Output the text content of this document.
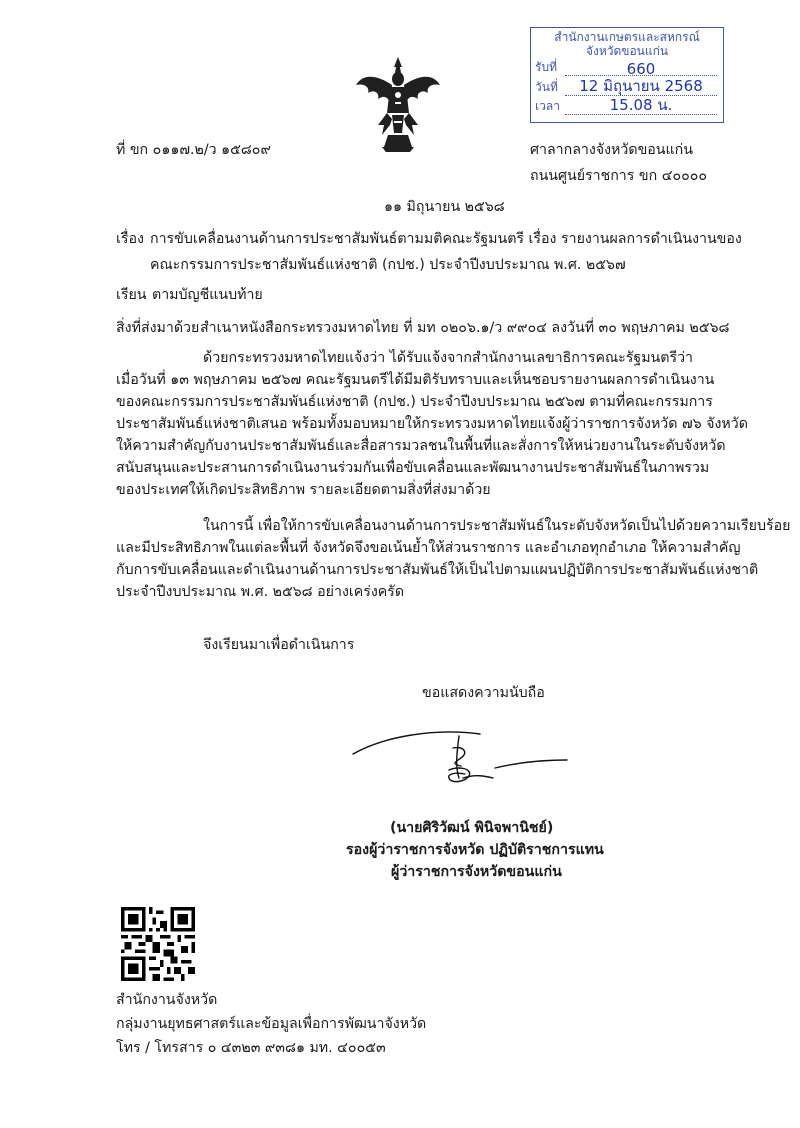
สำนักงานเกษตรและสหกรณ์
จังหวัดขอนแก่น
รับที่	660
วันที่	12 มิถุนายน 2568
เวลา	15.08 น.
ที่ ขก ๐๑๑๗.๒/ว ๑๕๘๐๙	ศาลากลางจังหวัดขอนแก่น
ถนนศูนย์ราชการ ขก ๔๐๐๐๐
๑๑ มิถุนายน ๒๕๖๘
เรื่อง การขับเคลื่อนงานด้านการประชาสัมพันธ์ตามมติคณะรัฐมนตรี เรื่อง รายงานผลการดำเนินงานของ
คณะกรรมการประชาสัมพันธ์แห่งชาติ (กปช.) ประจำปีงบประมาณ พ.ศ. ๒๕๖๗
เรียน ตามบัญชีแนบท้าย
สิ่งที่ส่งมาด้วย สำเนาหนังสือกระทรวงมหาดไทย ที่ มท ๐๒๐๖.๑/ว ๙๙๐๔ ลงวันที่ ๓๐ พฤษภาคม ๒๕๖๘

ด้วยกระทรวงมหาดไทยแจ้งว่า ได้รับแจ้งจากสำนักงานเลขาธิการคณะรัฐมนตรีว่า

เมื่อวันที่ ๑๓ พฤษภาคม ๒๕๖๗ คณะรัฐมนตรีได้มีมติรับทราบและเห็นชอบรายงานผลการดำเนินงาน

ของคณะกรรมการประชาสัมพันธ์แห่งชาติ (กปช.) ประจำปีงบประมาณ ๒๕๖๗ ตามที่คณะกรรมการ

ประชาสัมพันธ์แห่งชาติเสนอ พร้อมทั้งมอบหมายให้กระทรวงมหาดไทยแจ้งผู้ว่าราชการจังหวัด ๗๖ จังหวัด

ให้ความสำคัญกับงานประชาสัมพันธ์และสื่อสารมวลชนในพื้นที่และสั่งการให้หน่วยงานในระดับจังหวัด

สนับสนุนและประสานการดำเนินงานร่วมกันเพื่อขับเคลื่อนและพัฒนางานประชาสัมพันธ์ในภาพรวม

ของประเทศให้เกิดประสิทธิภาพ รายละเอียดตามสิ่งที่ส่งมาด้วย

ในการนี้ เพื่อให้การขับเคลื่อนงานด้านการประชาสัมพันธ์ในระดับจังหวัดเป็นไปด้วยความเรียบร้อย

และมีประสิทธิภาพในแต่ละพื้นที่ จังหวัดจึงขอเน้นย้ำให้ส่วนราชการ และอำเภอทุกอำเภอ ให้ความสำคัญ

กับการขับเคลื่อนและดำเนินงานด้านการประชาสัมพันธ์ให้เป็นไปตามแผนปฏิบัติการประชาสัมพันธ์แห่งชาติ

ประจำปีงบประมาณ พ.ศ. ๒๕๖๘ อย่างเคร่งครัด

จึงเรียนมาเพื่อดำเนินการ
ขอแสดงความนับถือ
(นายศิริวัฒน์ พินิจพานิชย์)
รองผู้ว่าราชการจังหวัด ปฏิบัติราชการแทน
ผู้ว่าราชการจังหวัดขอนแก่น
สำนักงานจังหวัด
กลุ่มงานยุทธศาสตร์และข้อมูลเพื่อการพัฒนาจังหวัด
โทร / โทรสาร ๐ ๔๓๒๓ ๙๓๘๑ มท. ๔๐๐๕๓
